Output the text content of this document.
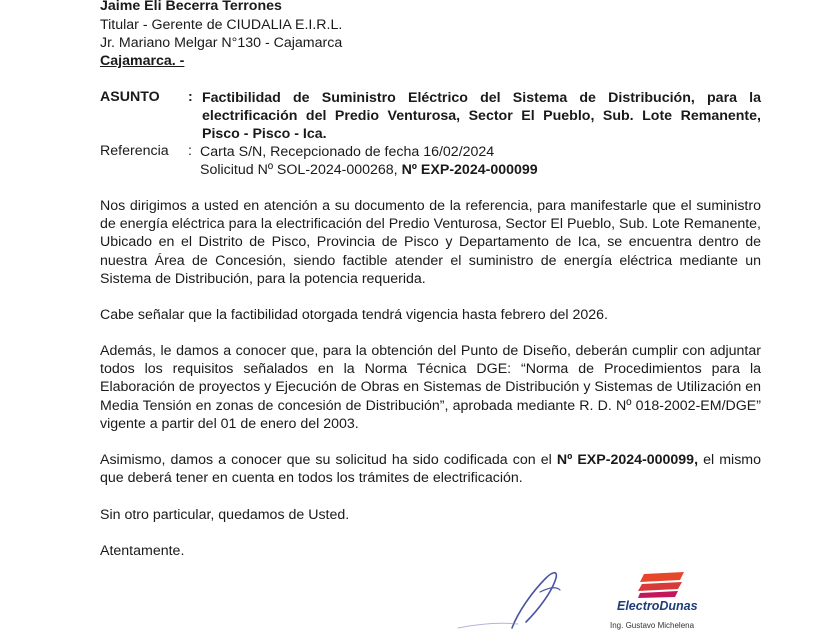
Jaime Eli Becerra Terrones
Titular - Gerente de CIUDALIA E.I.R.L.
Jr. Mariano Melgar N°130 - Cajamarca
Cajamarca. -
ASUNTO : Factibilidad de Suministro Eléctrico del Sistema de Distribución, para la electrificación del Predio Venturosa, Sector El Pueblo, Sub. Lote Remanente, Pisco - Pisco - Ica.
Referencia : Carta S/N, Recepcionado de fecha 16/02/2024
Solicitud Nº SOL-2024-000268, Nº EXP-2024-000099
Nos dirigimos a usted en atención a su documento de la referencia, para manifestarle que el suministro de energía eléctrica para la electrificación del Predio Venturosa, Sector El Pueblo, Sub. Lote Remanente, Ubicado en el Distrito de Pisco, Provincia de Pisco y Departamento de Ica, se encuentra dentro de nuestra Área de Concesión, siendo factible atender el suministro de energía eléctrica mediante un Sistema de Distribución, para la potencia requerida.
Cabe señalar que la factibilidad otorgada tendrá vigencia hasta febrero del 2026.
Además, le damos a conocer que, para la obtención del Punto de Diseño, deberán cumplir con adjuntar todos los requisitos señalados en la Norma Técnica DGE: “Norma de Procedimientos para la Elaboración de proyectos y Ejecución de Obras en Sistemas de Distribución y Sistemas de Utilización en Media Tensión en zonas de concesión de Distribución”, aprobada mediante R. D. Nº 018-2002-EM/DGE” vigente a partir del 01 de enero del 2003.
Asimismo, damos a conocer que su solicitud ha sido codificada con el Nº EXP-2024-000099, el mismo que deberá tener en cuenta en todos los trámites de electrificación.
Sin otro particular, quedamos de Usted.
Atentamente.
ElectroDunas
Ing. Gustavo Michelena
